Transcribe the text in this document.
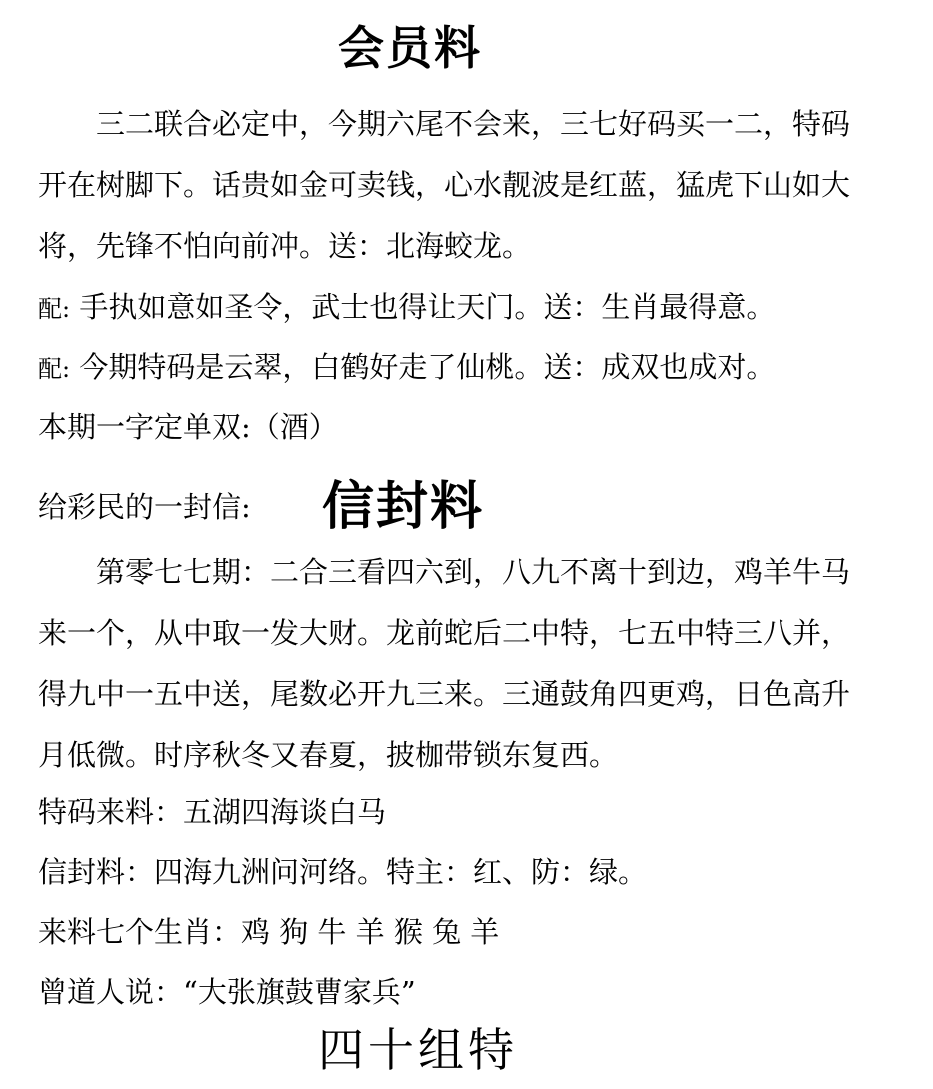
会员料
三二联合必定中，今期六尾不会来，三七好码买一二，特码
开在树脚下。话贵如金可卖钱，心水靓波是红蓝，猛虎下山如大
将，先锋不怕向前冲。送：北海蛟龙。
配: 手执如意如圣令，武士也得让天门。送：生肖最得意。
配: 今期特码是云翠，白鹤好走了仙桃。送：成双也成对。
本期一字定单双:（酒）
给彩民的一封信: 信封料
第零七七期：二合三看四六到，八九不离十到边，鸡羊牛马
来一个，从中取一发大财。龙前蛇后二中特，七五中特三八并，
得九中一五中送，尾数必开九三来。三通鼓角四更鸡，日色高升
月低微。时序秋冬又春夏，披枷带锁东复西。
特码来料：五湖四海谈白马
信封料：四海九洲问河络。特主：红、防：绿。
来料七个生肖：鸡 狗 牛 羊 猴 兔 羊
曾道人说：“大张旗鼓曹家兵”
四十组特
